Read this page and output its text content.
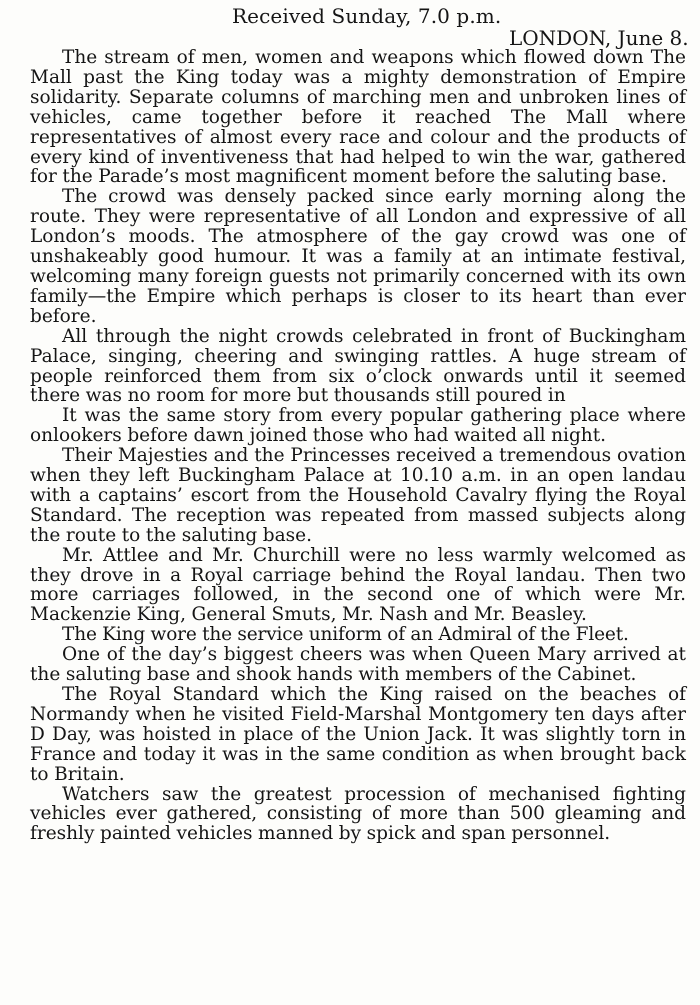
Received Sunday, 7.0 p.m.
LONDON, June 8.

The stream of men, women and weapons which flowed down The Mall past the King today was a mighty demonstration of Empire solidarity. Separate columns of marching men and unbroken lines of vehicles, came together before it reached The Mall where representatives of almost every race and colour and the products of every kind of inventiveness that had helped to win the war, gathered for the Parade’s most magnificent moment before the saluting base.

The crowd was densely packed since early morning along the route. They were representative of all London and expressive of all London’s moods. The atmosphere of the gay crowd was one of unshakeably good humour. It was a family at an intimate festival, welcoming many foreign guests not primarily concerned with its own family—the Empire which perhaps is closer to its heart than ever before.

All through the night crowds celebrated in front of Buckingham Palace, singing, cheering and swinging rattles. A huge stream of people reinforced them from six o’clock onwards until it seemed there was no room for more but thousands still poured in

It was the same story from every popular gathering place where onlookers before dawn joined those who had waited all night.

Their Majesties and the Princesses received a tremendous ovation when they left Buckingham Palace at 10.10 a.m. in an open landau with a captains’ escort from the Household Cavalry flying the Royal Standard. The reception was repeated from massed subjects along the route to the saluting base.

Mr. Attlee and Mr. Churchill were no less warmly welcomed as they drove in a Royal carriage behind the Royal landau. Then two more carriages followed, in the second one of which were Mr. Mackenzie King, General Smuts, Mr. Nash and Mr. Beasley.

The King wore the service uniform of an Admiral of the Fleet.

One of the day’s biggest cheers was when Queen Mary arrived at the saluting base and shook hands with members of the Cabinet.

The Royal Standard which the King raised on the beaches of Normandy when he visited Field-Marshal Montgomery ten days after D Day, was hoisted in place of the Union Jack. It was slightly torn in France and today it was in the same condition as when brought back to Britain.

Watchers saw the greatest procession of mechanised fighting vehicles ever gathered, consisting of more than 500 gleaming and freshly painted vehicles manned by spick and span personnel.
